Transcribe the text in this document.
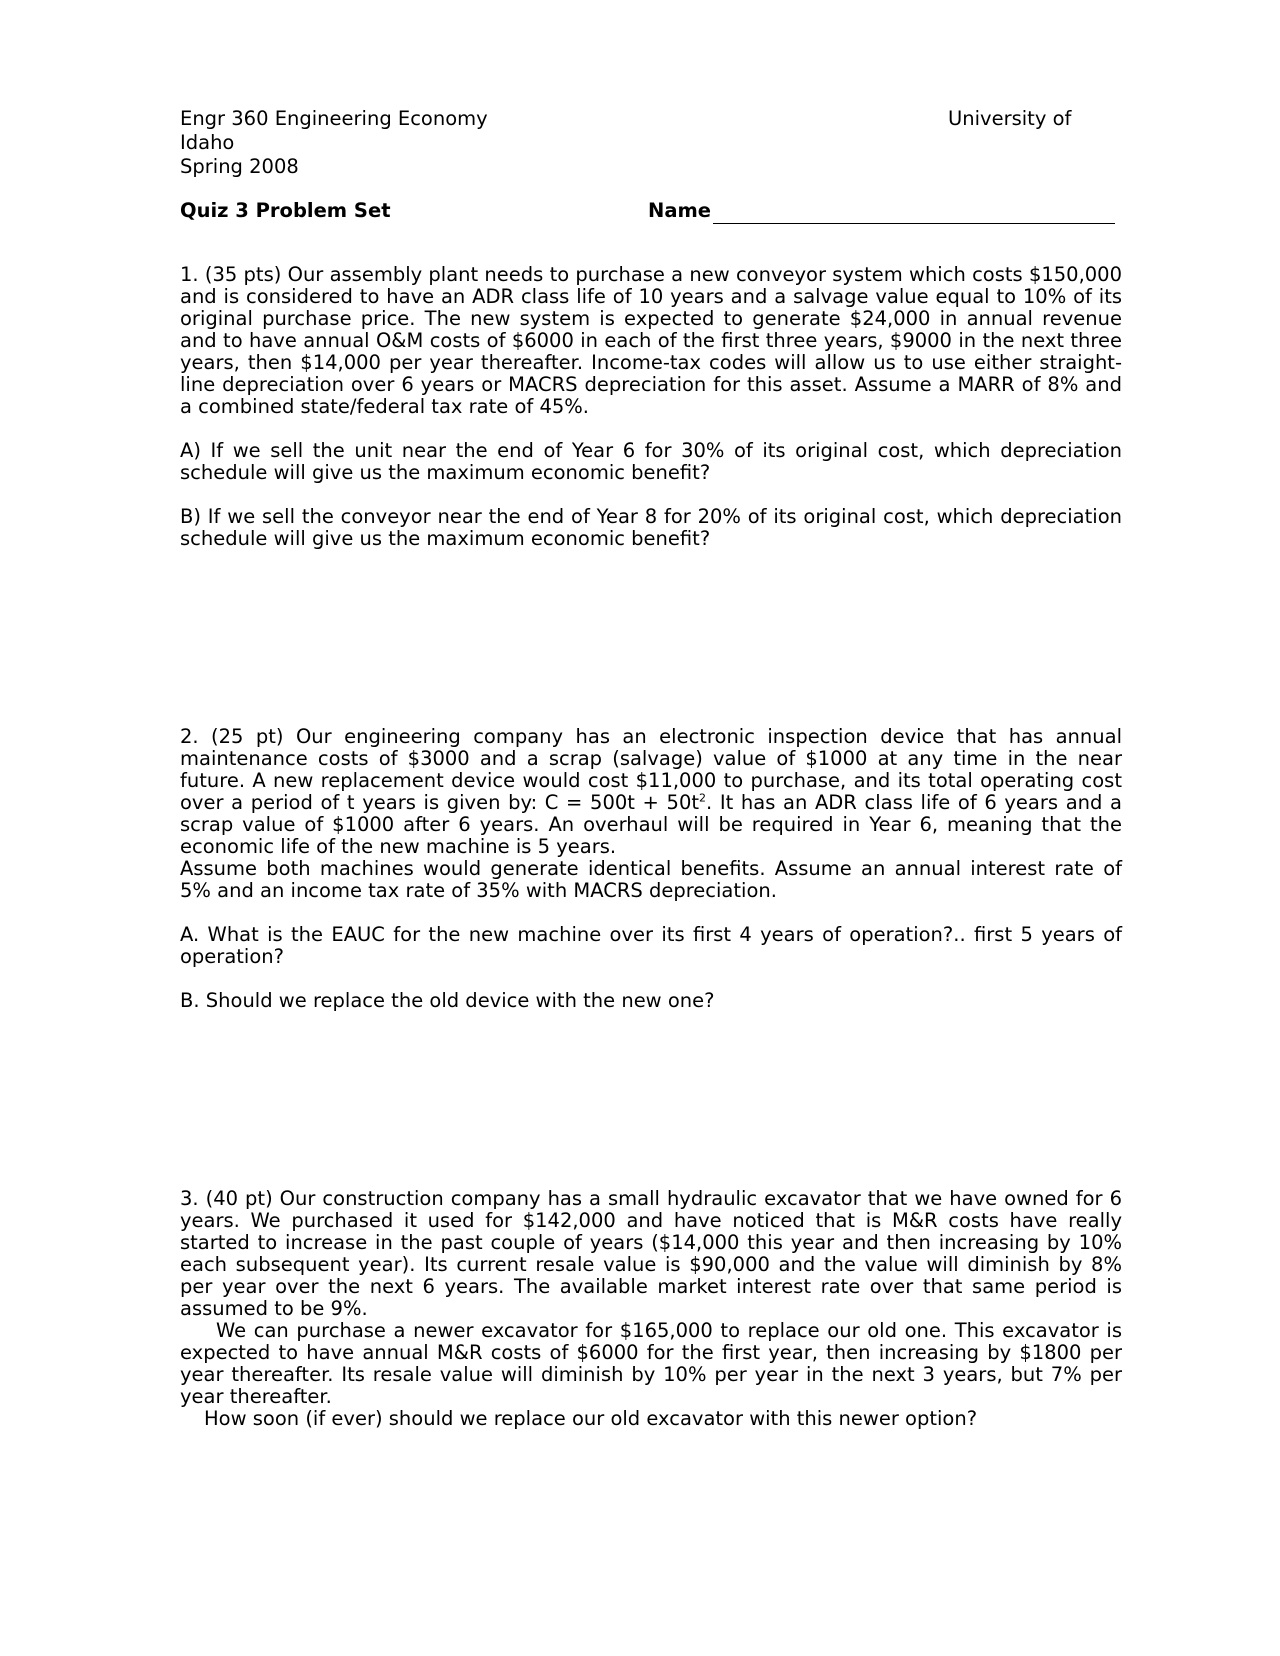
Engr 360 Engineering Economy	University of
Idaho
Spring 2008
Quiz 3 Problem Set	Name

1. (35 pts) Our assembly plant needs to purchase a new conveyor system which costs $150,000 and is considered to have an ADR class life of 10 years and a salvage value equal to 10% of its original purchase price. The new system is expected to generate $24,000 in annual revenue and to have annual O&M costs of $6000 in each of the first three years, $9000 in the next three years, then $14,000 per year thereafter. Income-tax codes will allow us to use either straight-line depreciation over 6 years or MACRS depreciation for this asset. Assume a MARR of 8% and a combined state/federal tax rate of 45%.

A) If we sell the unit near the end of Year 6 for 30% of its original cost, which depreciation schedule will give us the maximum economic benefit?

B) If we sell the conveyor near the end of Year 8 for 20% of its original cost, which depreciation schedule will give us the maximum economic benefit?

2. (25 pt) Our engineering company has an electronic inspection device that has annual maintenance costs of $3000 and a scrap (salvage) value of $1000 at any time in the near future. A new replacement device would cost $11,000 to purchase, and its total operating cost over a period of t years is given by: $C = 500t + 50t^2$. It has an ADR class life of 6 years and a scrap value of $1000 after 6 years. An overhaul will be required in Year 6, meaning that the economic life of the new machine is 5 years.

Assume both machines would generate identical benefits. Assume an annual interest rate of 5% and an income tax rate of 35% with MACRS depreciation.

A. What is the EAUC for the new machine over its first 4 years of operation?.. first 5 years of operation?

B. Should we replace the old device with the new one?

3. (40 pt) Our construction company has a small hydraulic excavator that we have owned for 6 years. We purchased it used for $142,000 and have noticed that is M&R costs have really started to increase in the past couple of years ($14,000 this year and then increasing by 10% each subsequent year). Its current resale value is $90,000 and the value will diminish by 8% per year over the next 6 years. The available market interest rate over that same period is assumed to be 9%.

We can purchase a newer excavator for $165,000 to replace our old one. This excavator is expected to have annual M&R costs of $6000 for the first year, then increasing by $1800 per year thereafter. Its resale value will diminish by 10% per year in the next 3 years, but 7% per year thereafter.

How soon (if ever) should we replace our old excavator with this newer option?
